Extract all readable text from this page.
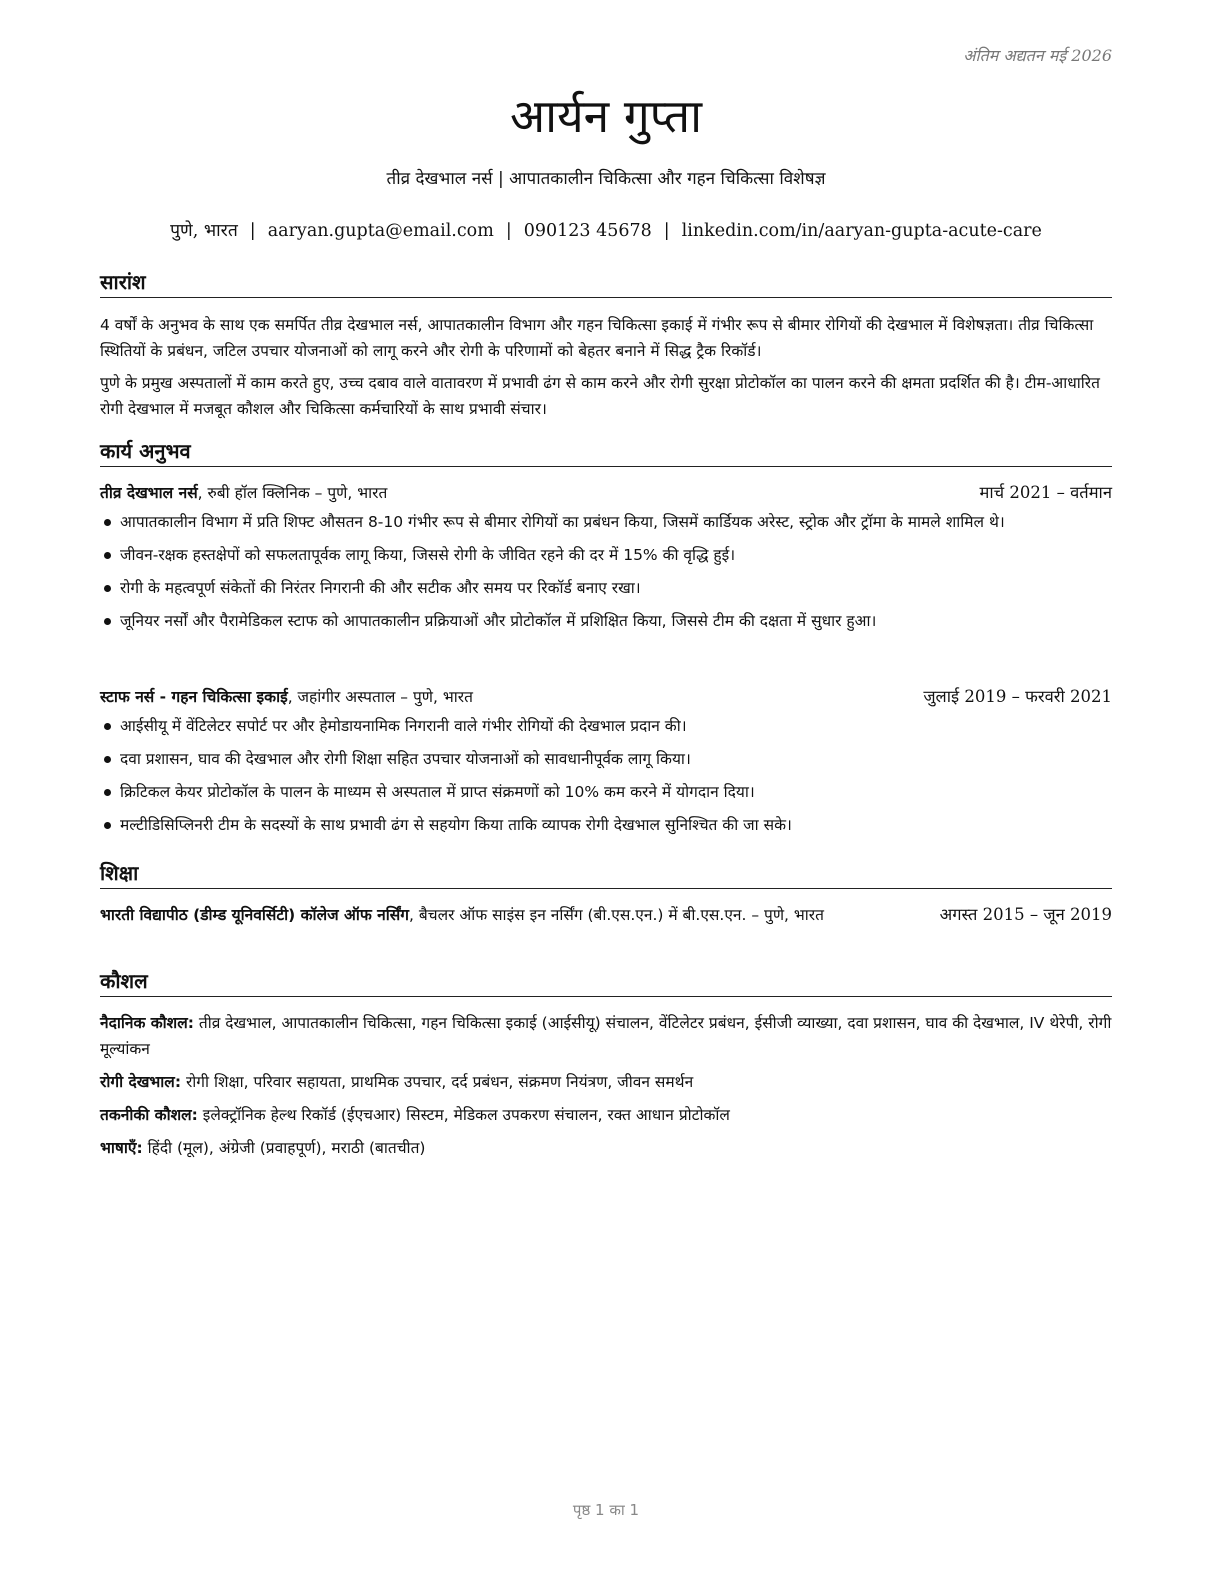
अंतिम अद्यतन मई 2026
आर्यन गुप्ता
तीव्र देखभाल नर्स | आपातकालीन चिकित्सा और गहन चिकित्सा विशेषज्ञ
पुणे, भारत | aaryan.gupta@email.com | 090123 45678 | linkedin.com/in/aaryan-gupta-acute-care
सारांश
4 वर्षों के अनुभव के साथ एक समर्पित तीव्र देखभाल नर्स, आपातकालीन विभाग और गहन चिकित्सा इकाई में गंभीर रूप से बीमार रोगियों की देखभाल में विशेषज्ञता। तीव्र चिकित्सा स्थितियों के प्रबंधन, जटिल उपचार योजनाओं को लागू करने और रोगी के परिणामों को बेहतर बनाने में सिद्ध ट्रैक रिकॉर्ड।
पुणे के प्रमुख अस्पतालों में काम करते हुए, उच्च दबाव वाले वातावरण में प्रभावी ढंग से काम करने और रोगी सुरक्षा प्रोटोकॉल का पालन करने की क्षमता प्रदर्शित की है। टीम-आधारित रोगी देखभाल में मजबूत कौशल और चिकित्सा कर्मचारियों के साथ प्रभावी संचार।
कार्य अनुभव
तीव्र देखभाल नर्स, रुबी हॉल क्लिनिक – पुणे, भारत	मार्च 2021 – वर्तमान
आपातकालीन विभाग में प्रति शिफ्ट औसतन 8-10 गंभीर रूप से बीमार रोगियों का प्रबंधन किया, जिसमें कार्डियक अरेस्ट, स्ट्रोक और ट्रॉमा के मामले शामिल थे।
जीवन-रक्षक हस्तक्षेपों को सफलतापूर्वक लागू किया, जिससे रोगी के जीवित रहने की दर में 15% की वृद्धि हुई।
रोगी के महत्वपूर्ण संकेतों की निरंतर निगरानी की और सटीक और समय पर रिकॉर्ड बनाए रखा।
जूनियर नर्सों और पैरामेडिकल स्टाफ को आपातकालीन प्रक्रियाओं और प्रोटोकॉल में प्रशिक्षित किया, जिससे टीम की दक्षता में सुधार हुआ।
स्टाफ नर्स - गहन चिकित्सा इकाई, जहांगीर अस्पताल – पुणे, भारत	जुलाई 2019 – फरवरी 2021
आईसीयू में वेंटिलेटर सपोर्ट पर और हेमोडायनामिक निगरानी वाले गंभीर रोगियों की देखभाल प्रदान की।
दवा प्रशासन, घाव की देखभाल और रोगी शिक्षा सहित उपचार योजनाओं को सावधानीपूर्वक लागू किया।
क्रिटिकल केयर प्रोटोकॉल के पालन के माध्यम से अस्पताल में प्राप्त संक्रमणों को 10% कम करने में योगदान दिया।
मल्टीडिसिप्लिनरी टीम के सदस्यों के साथ प्रभावी ढंग से सहयोग किया ताकि व्यापक रोगी देखभाल सुनिश्चित की जा सके।
शिक्षा
भारती विद्यापीठ (डीम्ड यूनिवर्सिटी) कॉलेज ऑफ नर्सिंग, बैचलर ऑफ साइंस इन नर्सिंग (बी.एस.एन.) में बी.एस.एन. – पुणे, भारत	अगस्त 2015 – जून 2019
कौशल
नैदानिक कौशल: तीव्र देखभाल, आपातकालीन चिकित्सा, गहन चिकित्सा इकाई (आईसीयू) संचालन, वेंटिलेटर प्रबंधन, ईसीजी व्याख्या, दवा प्रशासन, घाव की देखभाल, IV थेरेपी, रोगी मूल्यांकन
रोगी देखभाल: रोगी शिक्षा, परिवार सहायता, प्राथमिक उपचार, दर्द प्रबंधन, संक्रमण नियंत्रण, जीवन समर्थन
तकनीकी कौशल: इलेक्ट्रॉनिक हेल्थ रिकॉर्ड (ईएचआर) सिस्टम, मेडिकल उपकरण संचालन, रक्त आधान प्रोटोकॉल
भाषाएँ: हिंदी (मूल), अंग्रेजी (प्रवाहपूर्ण), मराठी (बातचीत)
पृष्ठ 1 का 1
